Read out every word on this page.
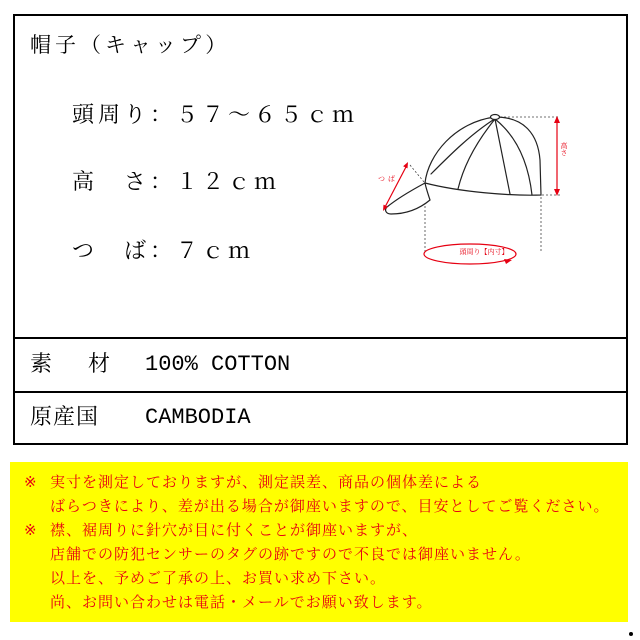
帽子（キャップ）
頭周り：５７～６５ｃｍ
高　さ：１２ｃｍ
つ　ば：７ｃｍ
高さ
つば
頭周り【内寸】
素　材 100% COTTON
原産国 CAMBODIA
※ 実寸を測定しておりますが、測定誤差、商品の個体差による
ばらつきにより、差が出る場合が御座いますので、目安としてご覧ください。
※ 襟、裾周りに針穴が目に付くことが御座いますが、
店舗での防犯センサーのタグの跡ですので不良では御座いません。
以上を、予めご了承の上、お買い求め下さい。
尚、お問い合わせは電話・メールでお願い致します。
